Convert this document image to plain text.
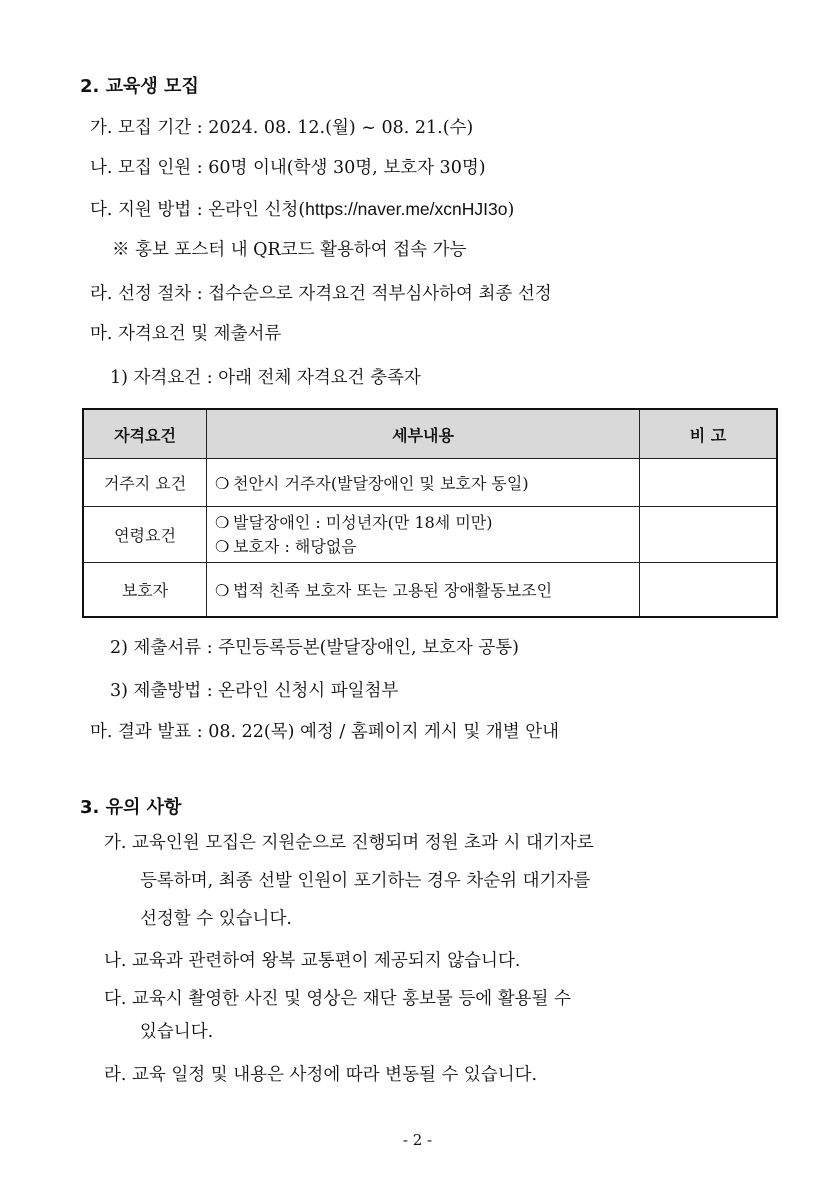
2. 교육생 모집
가. 모집 기간 : 2024. 08. 12.(월) ~ 08. 21.(수)
나. 모집 인원 : 60명 이내(학생 30명, 보호자 30명)
다. 지원 방법 : 온라인 신청(https://naver.me/xcnHJI3o)
※ 홍보 포스터 내 QR코드 활용하여 접속 가능
라. 선정 절차 : 접수순으로 자격요건 적부심사하여 최종 선정
마. 자격요건 및 제출서류
1) 자격요건 : 아래 전체 자격요건 충족자
자격요건	세부내용	비 고
거주지 요건	❍ 천안시 거주자(발달장애인 및 보호자 동일)	
연령요건	❍ 발달장애인 : 미성년자(만 18세 미만)
❍ 보호자 : 해당없음	

보호자	❍ 법적 친족 보호자 또는 고용된 장애활동보조인	
2) 제출서류 : 주민등록등본(발달장애인, 보호자 공통)
3) 제출방법 : 온라인 신청시 파일첨부
마. 결과 발표 : 08. 22(목) 예정 / 홈페이지 게시 및 개별 안내
3. 유의 사항
가. 교육인원 모집은 지원순으로 진행되며 정원 초과 시 대기자로
등록하며, 최종 선발 인원이 포기하는 경우 차순위 대기자를
선정할 수 있습니다.
나. 교육과 관련하여 왕복 교통편이 제공되지 않습니다.
다. 교육시 촬영한 사진 및 영상은 재단 홍보물 등에 활용될 수
있습니다.
라. 교육 일정 및 내용은 사정에 따라 변동될 수 있습니다.
- 2 -
